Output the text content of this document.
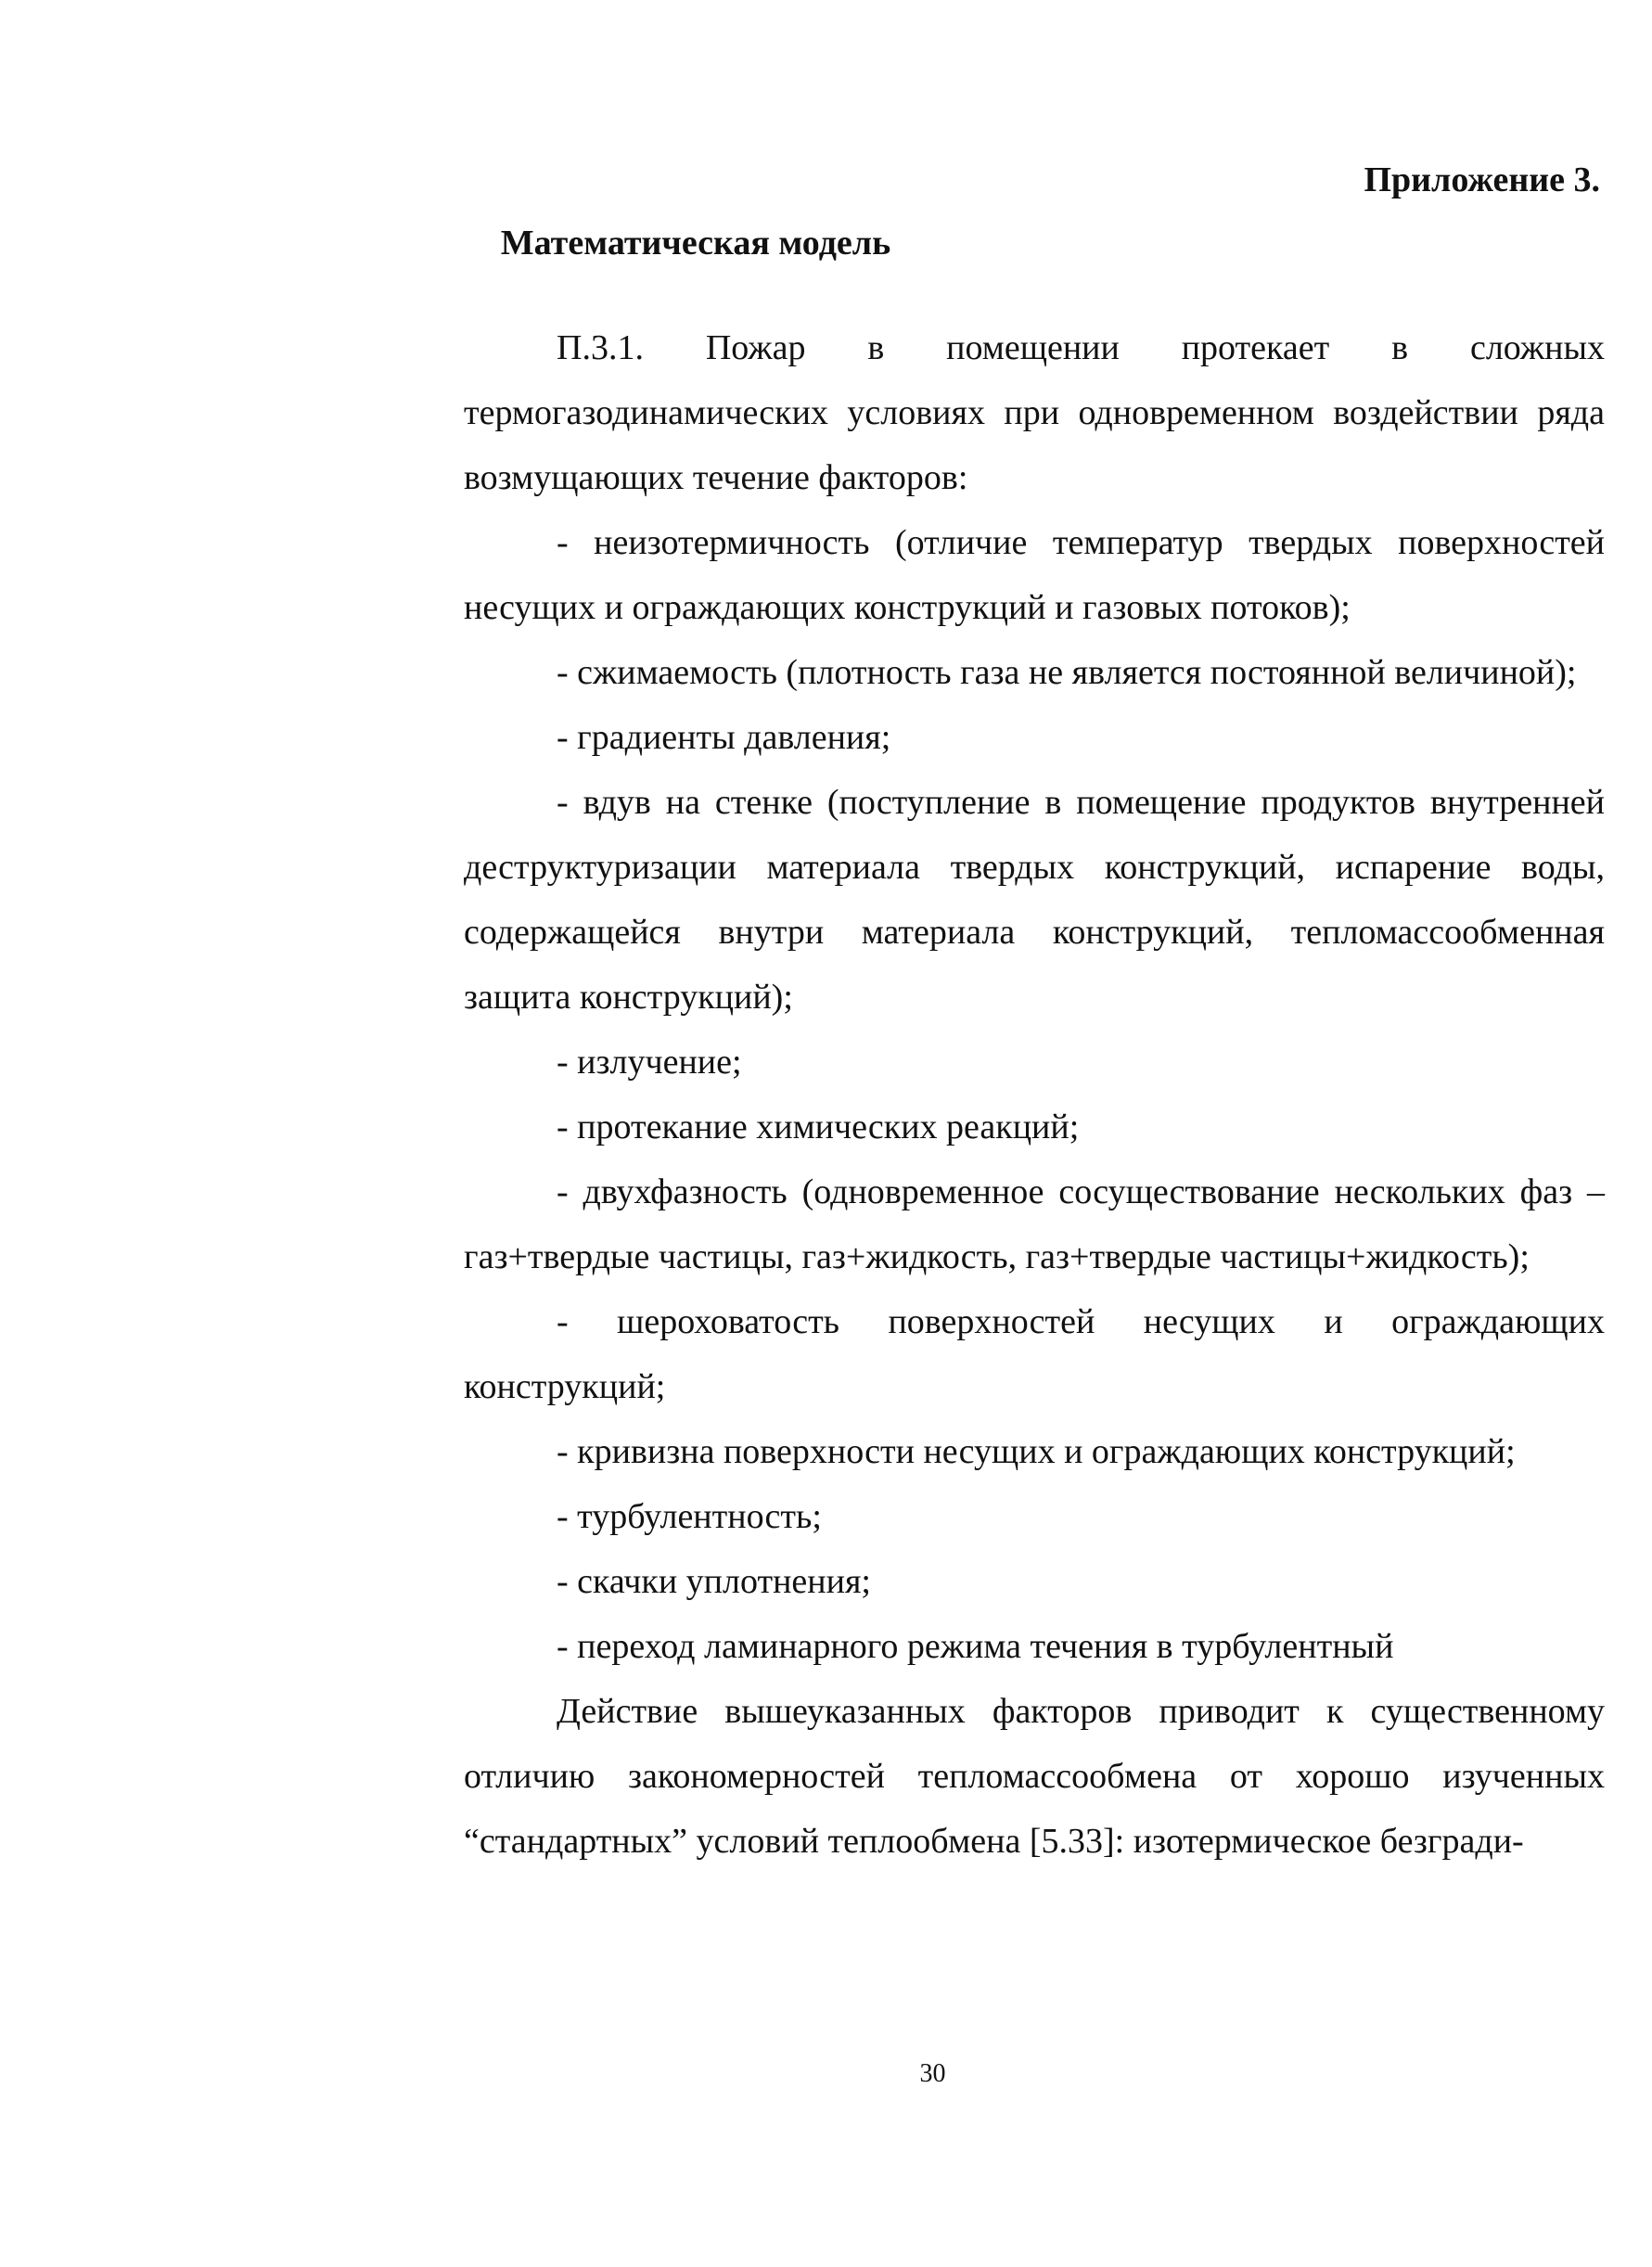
Приложение 3.
Математическая модель

П.3.1. Пожар в помещении протекает в сложных термогазодинамических условиях при одновременном воздействии ряда возмущающих течение факторов:

- неизотермичность (отличие температур твердых поверхностей несущих и ограждающих конструкций и газовых потоков);

- сжимаемость (плотность газа не является постоянной величиной);

- градиенты давления;

- вдув на стенке (поступление в помещение продуктов внутренней деструктуризации материала твердых конструкций, испарение воды, содержащейся внутри материала конструкций, тепломассообменная защита конструкций);

- излучение;

- протекание химических реакций;

- двухфазность (одновременное сосуществование нескольких фаз – газ+твердые частицы, газ+жидкость, газ+твердые частицы+жидкость);

- шероховатость поверхностей несущих и ограждающих конструкций;

- кривизна поверхности несущих и ограждающих конструкций;

- турбулентность;

- скачки уплотнения;

- переход ламинарного режима течения в турбулентный

Действие вышеуказанных факторов приводит к существенному отличию закономерностей тепломассообмена от хорошо изученных “стандартных” условий теплообмена [5.33]: изотермическое безгради-

30
